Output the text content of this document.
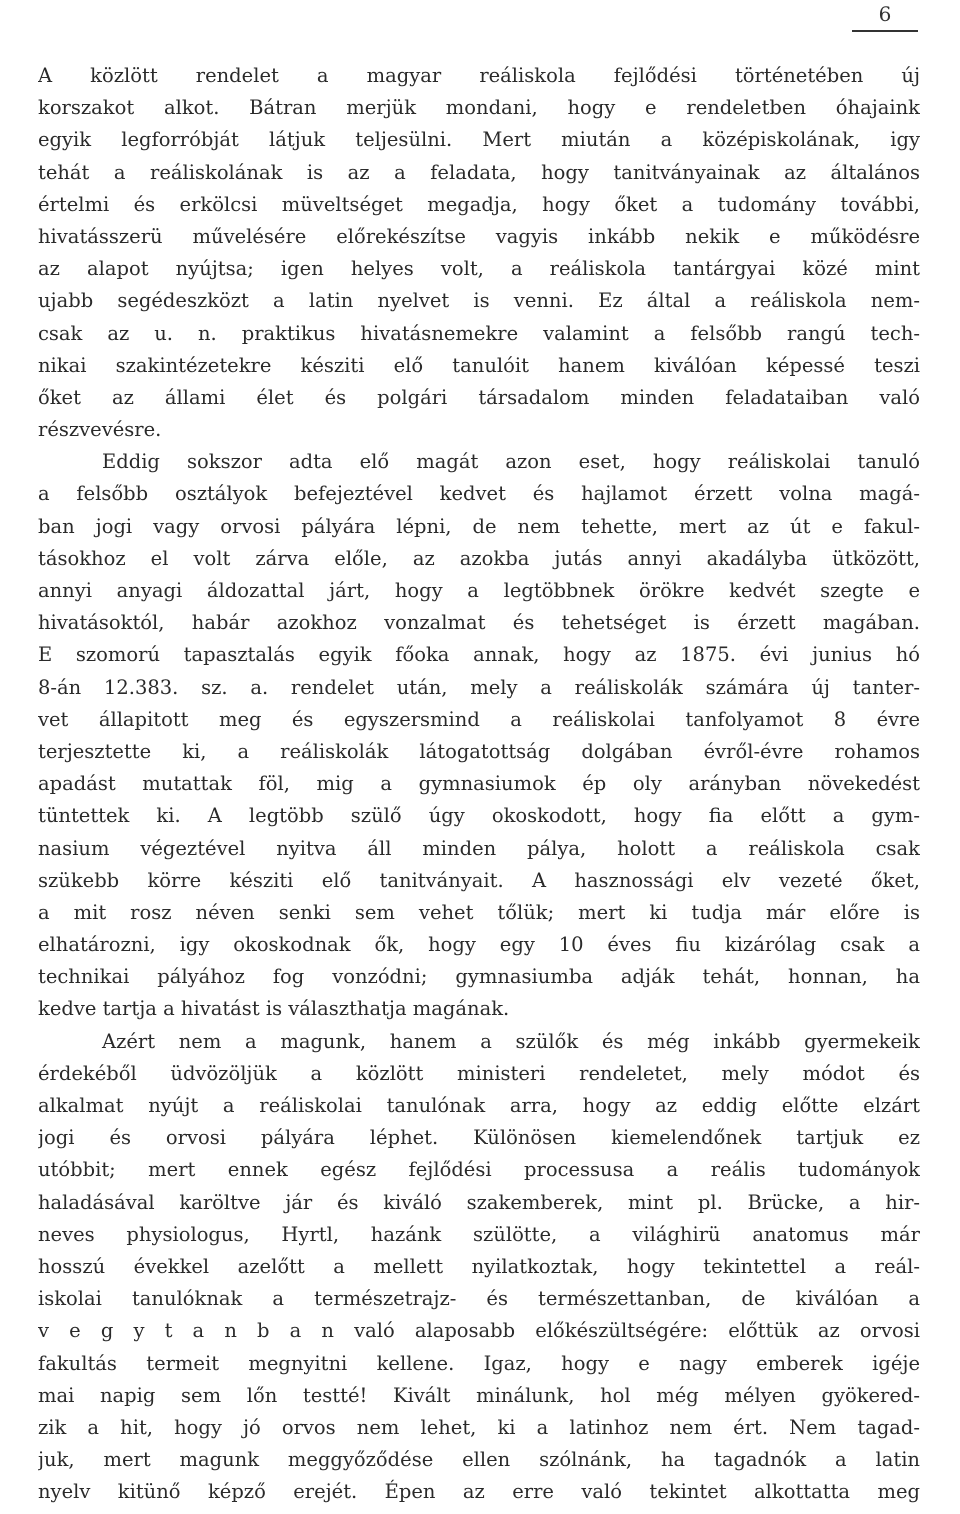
6
A közlött rendelet a magyar reáliskola fejlődési történetében új
korszakot alkot. Bátran merjük mondani, hogy e rendeletben óhajaink
egyik legforróbját látjuk teljesülni. Mert miután a középiskolának, igy
tehát a reáliskolának is az a feladata, hogy tanitványainak az általános
értelmi és erkölcsi müveltséget megadja, hogy őket a tudomány további,
hivatásszerü művelésére előrekészítse vagyis inkább nekik e működésre
az alapot nyújtsa; igen helyes volt, a reáliskola tantárgyai közé mint
ujabb segédeszközt a latin nyelvet is venni. Ez által a reáliskola nem-
csak az u. n. praktikus hivatásnemekre valamint a felsőbb rangú tech-
nikai szakintézetekre késziti elő tanulóit hanem kiválóan képessé teszi
őket az állami élet és polgári társadalom minden feladataiban való
részvevésre.
Eddig sokszor adta elő magát azon eset, hogy reáliskolai tanuló
a felsőbb osztályok befejeztével kedvet és hajlamot érzett volna magá-
ban jogi vagy orvosi pályára lépni, de nem tehette, mert az út e fakul-
tásokhoz el volt zárva előle, az azokba jutás annyi akadályba ütközött,
annyi anyagi áldozattal járt, hogy a legtöbbnek örökre kedvét szegte e
hivatásoktól, habár azokhoz vonzalmat és tehetséget is érzett magában.
E szomorú tapasztalás egyik főoka annak, hogy az 1875. évi junius hó
8-án 12.383. sz. a. rendelet után, mely a reáliskolák számára új tanter-
vet állapitott meg és egyszersmind a reáliskolai tanfolyamot 8 évre
terjesztette ki, a reáliskolák látogatottság dolgában évről-évre rohamos
apadást mutattak föl, mig a gymnasiumok ép oly arányban növekedést
tüntettek ki. A legtöbb szülő úgy okoskodott, hogy fia előtt a gym-
nasium végeztével nyitva áll minden pálya, holott a reáliskola csak
szükebb körre késziti elő tanitványait. A hasznossági elv vezeté őket,
a mit rosz néven senki sem vehet tőlük; mert ki tudja már előre is
elhatározni, igy okoskodnak ők, hogy egy 10 éves fiu kizárólag csak a
technikai pályához fog vonzódni; gymnasiumba adják tehát, honnan, ha
kedve tartja a hivatást is választhatja magának.
Azért nem a magunk, hanem a szülők és még inkább gyermekeik
érdekéből üdvözöljük a közlött ministeri rendeletet, mely módot és
alkalmat nyújt a reáliskolai tanulónak arra, hogy az eddig előtte elzárt
jogi és orvosi pályára léphet. Különösen kiemelendőnek tartjuk ez
utóbbit; mert ennek egész fejlődési processusa a reális tudományok
haladásával karöltve jár és kiváló szakemberek, mint pl. Brücke, a hir-
neves physiologus, Hyrtl, hazánk szülötte, a világhirü anatomus már
hosszú évekkel azelőtt a mellett nyilatkoztak, hogy tekintettel a reál-
iskolai tanulóknak a természetrajz- és természettanban, de kiválóan a
v e g y t a n b a n való alaposabb előkészültségére: előttük az orvosi
fakultás termeit megnyitni kellene. Igaz, hogy e nagy emberek igéje
mai napig sem lőn testté! Kivált minálunk, hol még mélyen gyökered-
zik a hit, hogy jó orvos nem lehet, ki a latinhoz nem ért. Nem tagad-
juk, mert magunk meggyőződése ellen szólnánk, ha tagadnók a latin
nyelv kitünő képző erejét. Épen az erre való tekintet alkottatta meg
